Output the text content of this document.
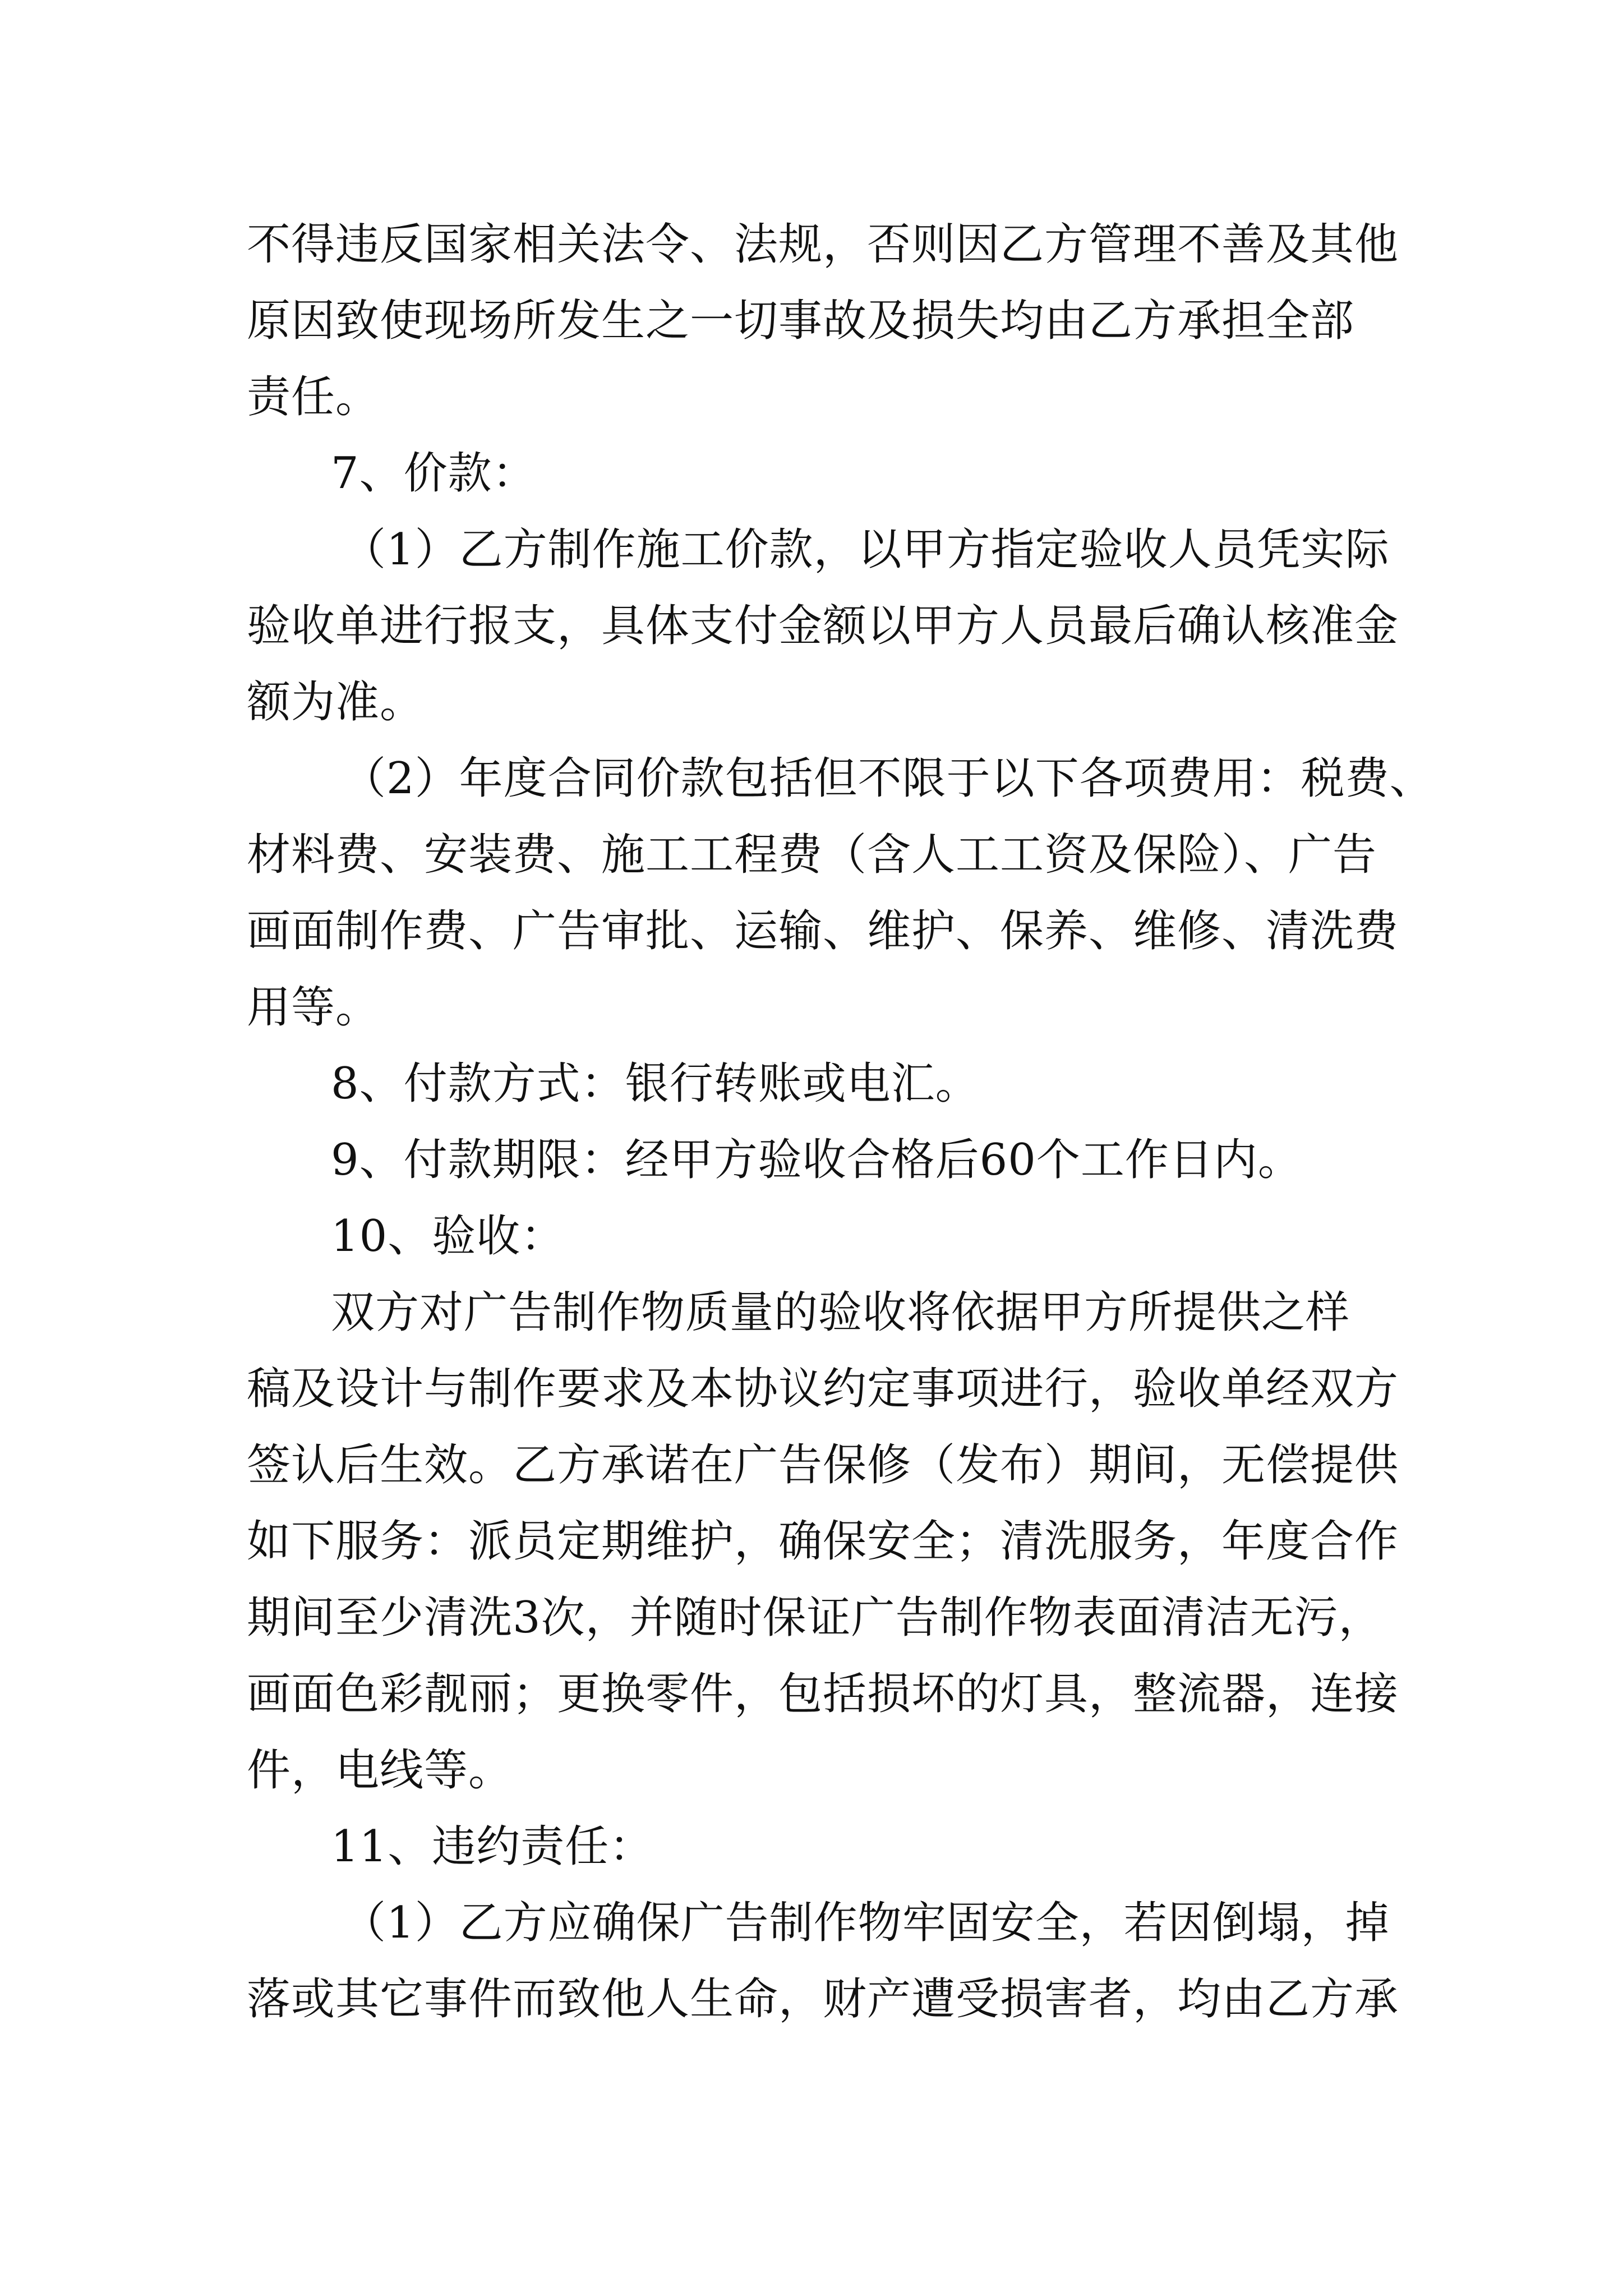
不得违反国家相关法令、法规，否则因乙方管理不善及其他
原因致使现场所发生之一切事故及损失均由乙方承担全部
责任。
7、价款：
（1）乙方制作施工价款，以甲方指定验收人员凭实际
验收单进行报支，具体支付金额以甲方人员最后确认核准金
额为准。
（2）年度合同价款包括但不限于以下各项费用：税费、
材料费、安装费、施工工程费（含人工工资及保险）、广告
画面制作费、广告审批、运输、维护、保养、维修、清洗费
用等。
8、付款方式：银行转账或电汇。
9、付款期限：经甲方验收合格后60个工作日内。
10、验收：
双方对广告制作物质量的验收将依据甲方所提供之样
稿及设计与制作要求及本协议约定事项进行，验收单经双方
签认后生效。乙方承诺在广告保修（发布）期间，无偿提供
如下服务：派员定期维护，确保安全；清洗服务，年度合作
期间至少清洗3次，并随时保证广告制作物表面清洁无污，
画面色彩靓丽；更换零件，包括损坏的灯具，整流器，连接
件，电线等。
11、违约责任：
（1）乙方应确保广告制作物牢固安全，若因倒塌，掉
落或其它事件而致他人生命，财产遭受损害者，均由乙方承
